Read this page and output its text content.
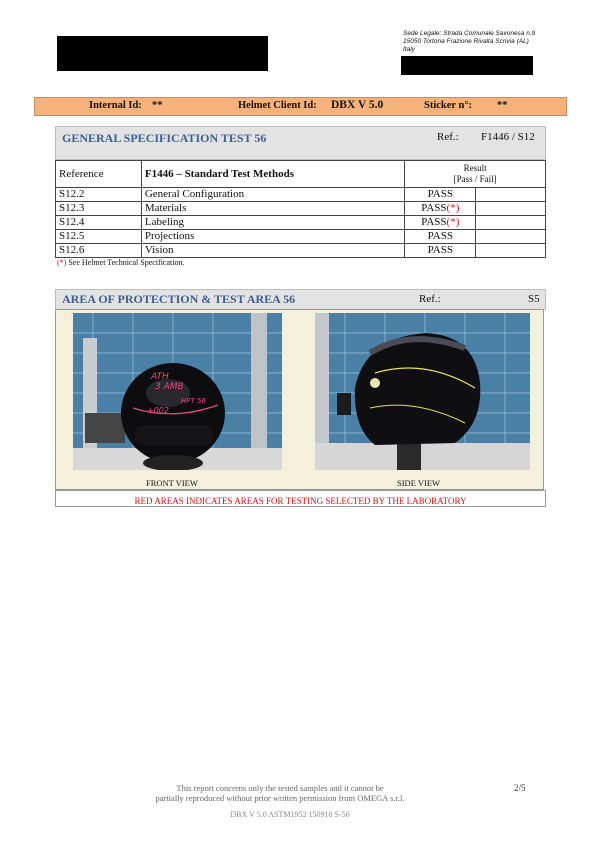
Sede Legale: Strada Comunale Savonesa n.9
15050 Tortona Frazione Rivalta Scrivia (AL)
Italy
Internal Id: **	Helmet Client Id: DBX V 5.0	Sticker n°: **
GENERAL SPECIFICATION TEST 56	Ref.: F1446 / S12
Reference	F1446 – Standard Test Methods	Result
[Pass / Fail]	

S12.2	General Configuration	PASS	
S12.3	Materials	PASS(*)	
S12.4	Labeling	PASS(*)	
S12.5	Projections	PASS	
S12.6	Vision	PASS	
(*) See Helmet Technical Specification.
AREA OF PROTECTION & TEST AREA 56	Ref.:	S5
ATH
3 AMB
HPT 56
+002
FRONT VIEW	SIDE VIEW
RED AREAS INDICATES AREAS FOR TESTING SELECTED BY THE LABORATORY
This report concerns only the tested samples and it cannot be
partially reproduced without prior written permission from OMEGA s.r.l.
2/5
DBX V 5.0 ASTM1952 150910 S-56
